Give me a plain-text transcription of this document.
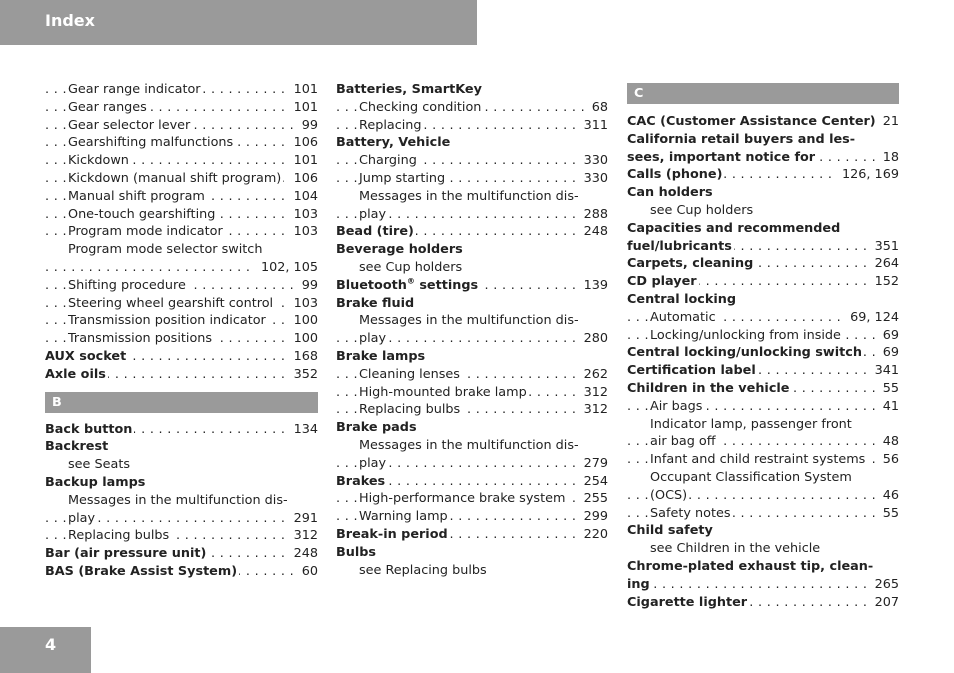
Index
. . . Gear range indicator	101
. . . Gear ranges	101
. . . Gear selector lever	99
. . . Gearshifting malfunctions	106
. . . Kickdown	101
. . . Kickdown (manual shift program) 106
. . . Manual shift program	104
. . . One-touch gearshifting	103
. . . Program mode indicator	103
Program mode selector switch
. . . 102, 105
. . . Shifting procedure	99
. . . Steering wheel gearshift control	103
. . . Transmission position indicator	100
. . . Transmission positions	100
. . . AUX socket	168
. . . Axle oils	352
B
. . . Back button	134
Backrest
see Seats
Backup lamps
Messages in the multifunction dis-
. . . play	291
. . . Replacing bulbs	312
. . . Bar (air pressure unit)	248
. . . BAS (Brake Assist System)	60
Batteries, SmartKey
. . . Checking condition	68
. . . Replacing	311
Battery, Vehicle
. . . Charging	330
. . . Jump starting	330
Messages in the multifunction dis-
. . . play	288
. . . Bead (tire)	248
Beverage holders
see Cup holders
. . . Bluetooth® settings	139
Brake fluid
Messages in the multifunction dis-
. . . play	280
Brake lamps
. . . Cleaning lenses	262
. . . High-mounted brake lamp	312
. . . Replacing bulbs	312
Brake pads
Messages in the multifunction dis-
. . . play	279
. . . Brakes	254
. . . High-performance brake system	255
. . . Warning lamp	299
. . . Break-in period	220
Bulbs
see Replacing bulbs
C
. . . CAC (Customer Assistance Center) 21
California retail buyers and les-
. . . sees, important notice for	18
. . . Calls (phone)	126, 169
Can holders
see Cup holders
Capacities and recommended
. . . fuel/lubricants	351
. . . Carpets, cleaning	264
. . . CD player	152
Central locking
. . . Automatic	69, 124
. . . Locking/unlocking from inside	69
. . . Central locking/unlocking switch	69
. . . Certification label	341
. . . Children in the vehicle	55
. . . Air bags	41
Indicator lamp, passenger front
. . . air bag off	48
. . . Infant and child restraint systems	56
Occupant Classification System
. . . (OCS)	46
. . . Safety notes	55
Child safety
see Children in the vehicle
Chrome-plated exhaust tip, clean-
. . . ing	265
. . . Cigarette lighter	207
4
